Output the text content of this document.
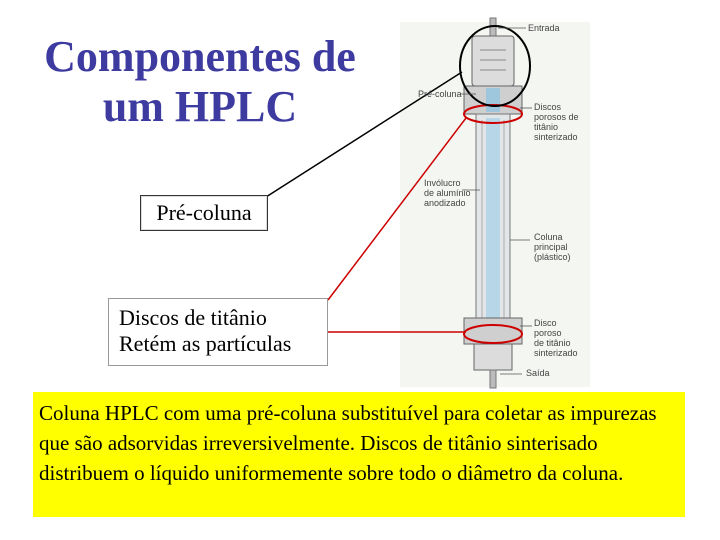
Componentes de
um HPLC
Entrada
Pré-coluna
Discos
porosos de
titânio
sinterizado
Invólucro
de alumínio
anodizado
Coluna
principal
(plástico)
Disco
poroso
de titânio
sinterizado
Saída
Pré-coluna
Discos de titânio
Retém as partículas
Coluna HPLC com uma pré-coluna substituível para coletar as impurezas que são adsorvidas irreversivelmente. Discos de titânio sinterisado distribuem o líquido uniformemente sobre todo o diâmetro da coluna.
